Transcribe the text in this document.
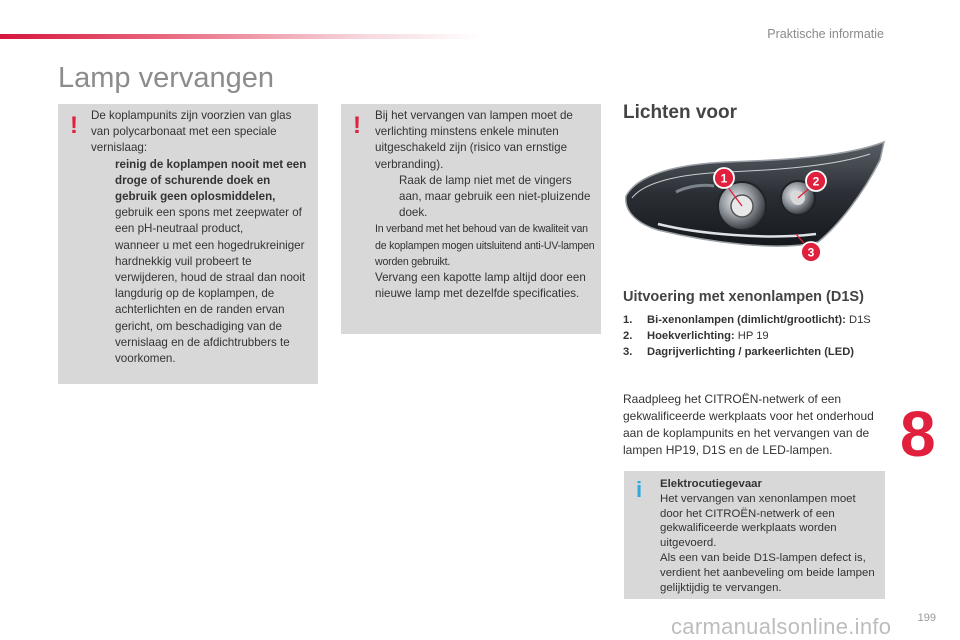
Praktische informatie
Lamp vervangen
! De koplampunits zijn voorzien van glas van polycarbonaat met een speciale vernislaag:

reinig de koplampen nooit met een droge of schurende doek en gebruik geen oplosmiddelen,
gebruik een spons met zeepwater of een pH-neutraal product,
wanneer u met een hogedrukreiniger hardnekkig vuil probeert te verwijderen, houd de straal dan nooit langdurig op de koplampen, de achterlichten en de randen ervan gericht, om beschadiging van de vernislaag en de afdichtrubbers te voorkomen.
! Bij het vervangen van lampen moet de verlichting minstens enkele minuten uitgeschakeld zijn (risico van ernstige verbranding).

Raak de lamp niet met de vingers aan, maar gebruik een niet-pluizende doek.

In verband met het behoud van de kwaliteit van de koplampen mogen uitsluitend anti-UV-lampen worden gebruikt.

Vervang een kapotte lamp altijd door een nieuwe lamp met dezelfde specificaties.

Lichten voor
1	2
3
Uitvoering met xenonlampen (D1S)
1.	Bi-xenonlampen (dimlicht/grootlicht): D1S
2.	Hoekverlichting: HP 19
3.	Dagrijverlichting / parkeerlichten (LED)

Raadpleeg het CITROËN-netwerk of een gekwalificeerde werkplaats voor het onderhoud aan de koplampunits en het vervangen van de lampen HP19, D1S en de LED-lampen.

i Elektrocutiegevaar

Het vervangen van xenonlampen moet door het CITROËN-netwerk of een gekwalificeerde werkplaats worden uitgevoerd.

Als een van beide D1S-lampen defect is, verdient het aanbeveling om beide lampen gelijktijdig te vervangen.

8
199
carmanualsonline.info
